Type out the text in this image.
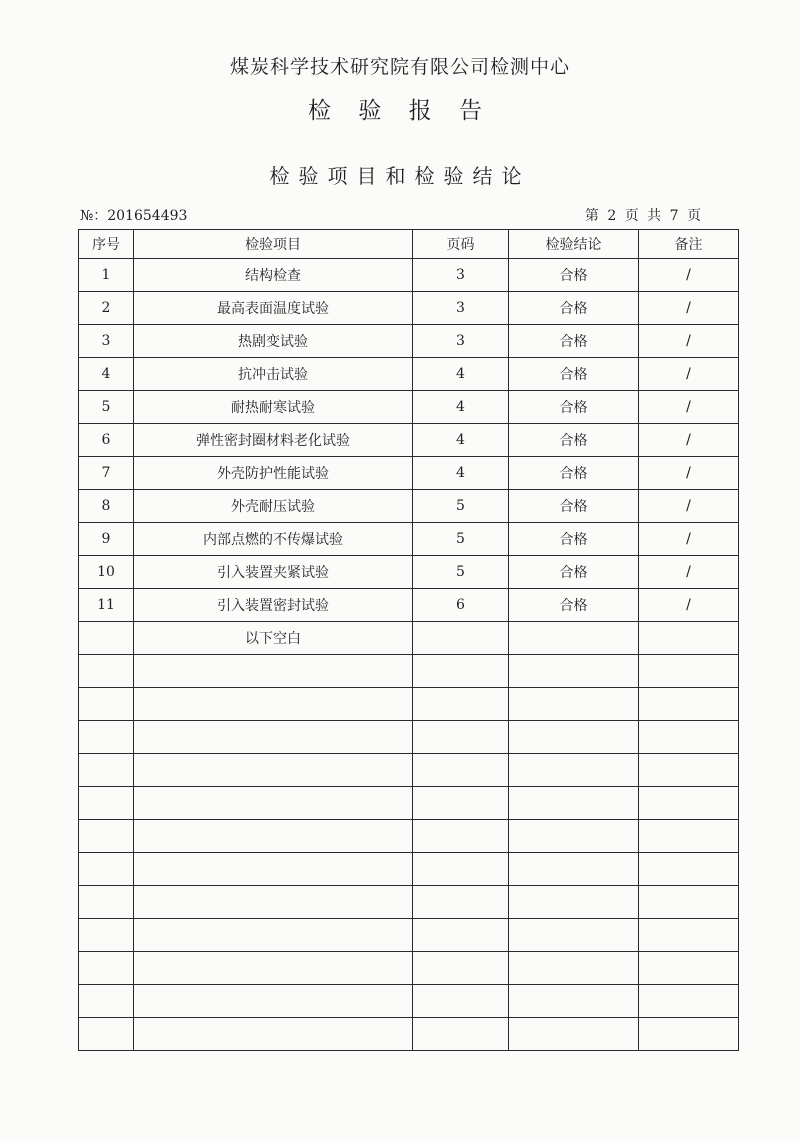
煤炭科学技术研究院有限公司检测中心
检 验 报 告
检验项目和检验结论
№：201654493	第 2 页 共 7 页
序号	检验项目	页码	检验结论	备注
1	结构检查	3	合格	/
2	最高表面温度试验	3	合格	/
3	热剧变试验	3	合格	/
4	抗冲击试验	4	合格	/
5	耐热耐寒试验	4	合格	/
6	弹性密封圈材料老化试验	4	合格	/
7	外壳防护性能试验	4	合格	/
8	外壳耐压试验	5	合格	/
9	内部点燃的不传爆试验	5	合格	/
10	引入装置夹紧试验	5	合格	/
11	引入装置密封试验	6	合格	/
	以下空白			
